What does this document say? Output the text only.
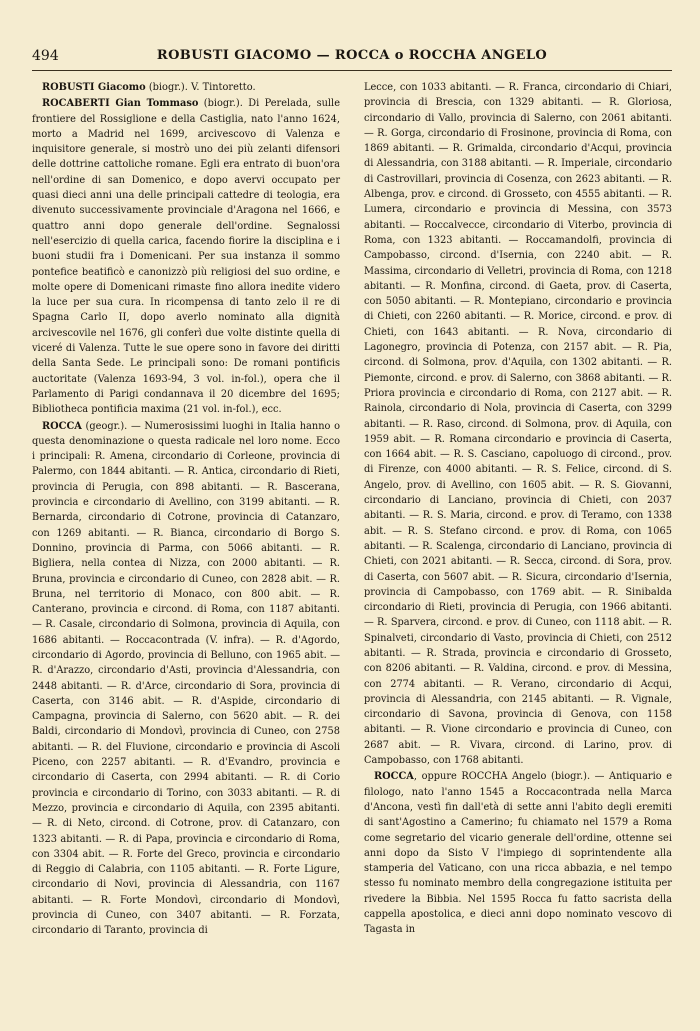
494	ROBUSTI GIACOMO — ROCCA o ROCCHA ANGELO

ROBUSTI Giacomo (biogr.). V. Tintoretto.

ROCABERTI Gian Tommaso (biogr.). Di Perelada, sulle frontiere del Rossiglione e della Castiglia, nato l'anno 1624, morto a Madrid nel 1699, arcivescovo di Valenza e inquisitore generale, si mostrò uno dei più zelanti difensori delle dottrine cattoliche romane. Egli era entrato di buon'ora nell'ordine di san Domenico, e dopo avervi occupato per quasi dieci anni una delle principali cattedre di teologia, era divenuto successivamente provinciale d'Aragona nel 1666, e quattro anni dopo generale dell'ordine. Segnalossi nell'esercizio di quella carica, facendo fiorire la disciplina e i buoni studii fra i Domenicani. Per sua instanza il sommo pontefice beatificò e canonizzò più religiosi del suo ordine, e molte opere di Domenicani rimaste fino allora inedite videro la luce per sua cura. In ricompensa di tanto zelo il re di Spagna Carlo II, dopo averlo nominato alla dignità arcivescovile nel 1676, gli conferì due volte distinte quella di viceré di Valenza. Tutte le sue opere sono in favore dei diritti della Santa Sede. Le principali sono: De romani pontificis auctoritate (Valenza 1693-94, 3 vol. in-fol.), opera che il Parlamento di Parigi condannava il 20 dicembre del 1695; Bibliotheca pontificia maxima (21 vol. in-fol.), ecc.

ROCCA (geogr.). — Numerosissimi luoghi in Italia hanno o questa denominazione o questa radicale nel loro nome. Ecco i principali: R. Amena, circondario di Corleone, provincia di Palermo, con 1844 abitanti. — R. Antica, circondario di Rieti, provincia di Perugia, con 898 abitanti. — R. Bascerana, provincia e circondario di Avellino, con 3199 abitanti. — R. Bernarda, circondario di Cotrone, provincia di Catanzaro, con 1269 abitanti. — R. Bianca, circondario di Borgo S. Donnino, provincia di Parma, con 5066 abitanti. — R. Bigliera, nella contea di Nizza, con 2000 abitanti. — R. Bruna, provincia e circondario di Cuneo, con 2828 abit. — R. Bruna, nel territorio di Monaco, con 800 abit. — R. Canterano, provincia e circond. di Roma, con 1187 abitanti. — R. Casale, circondario di Solmona, provincia di Aquila, con 1686 abitanti. — Roccacontrada (V. infra). — R. d'Agordo, circondario di Agordo, provincia di Belluno, con 1965 abit. — R. d'Arazzo, circondario d'Asti, provincia d'Alessandria, con 2448 abitanti. — R. d'Arce, circondario di Sora, provincia di Caserta, con 3146 abit. — R. d'Aspide, circondario di Campagna, provincia di Salerno, con 5620 abit. — R. dei Baldi, circondario di Mondovì, provincia di Cuneo, con 2758 abitanti. — R. del Fluvione, circondario e provincia di Ascoli Piceno, con 2257 abitanti. — R. d'Evandro, provincia e circondario di Caserta, con 2994 abitanti. — R. di Corio provincia e circondario di Torino, con 3033 abitanti. — R. di Mezzo, provincia e circondario di Aquila, con 2395 abitanti. — R. di Neto, circond. di Cotrone, prov. di Catanzaro, con 1323 abitanti. — R. di Papa, provincia e circondario di Roma, con 3304 abit. — R. Forte del Greco, provincia e circondario di Reggio di Calabria, con 1105 abitanti. — R. Forte Ligure, circondario di Novi, provincia di Alessandria, con 1167 abitanti. — R. Forte Mondovì, circondario di Mondovì, provincia di Cuneo, con 3407 abitanti. — R. Forzata, circondario di Taranto, provincia di

Lecce, con 1033 abitanti. — R. Franca, circondario di Chiari, provincia di Brescia, con 1329 abitanti. — R. Gloriosa, circondario di Vallo, provincia di Salerno, con 2061 abitanti. — R. Gorga, circondario di Frosinone, provincia di Roma, con 1869 abitanti. — R. Grimalda, circondario d'Acqui, provincia di Alessandria, con 3188 abitanti. — R. Imperiale, circondario di Castrovillari, provincia di Cosenza, con 2623 abitanti. — R. Albenga, prov. e circond. di Grosseto, con 4555 abitanti. — R. Lumera, circondario e provincia di Messina, con 3573 abitanti. — Roccalvecce, circondario di Viterbo, provincia di Roma, con 1323 abitanti. — Roccamandolfi, provincia di Campobasso, circond. d'Isernia, con 2240 abit. — R. Massima, circondario di Velletri, provincia di Roma, con 1218 abitanti. — R. Monfina, circond. di Gaeta, prov. di Caserta, con 5050 abitanti. — R. Montepiano, circondario e provincia di Chieti, con 2260 abitanti. — R. Morice, circond. e prov. di Chieti, con 1643 abitanti. — R. Nova, circondario di Lagonegro, provincia di Potenza, con 2157 abit. — R. Pia, circond. di Solmona, prov. d'Aquila, con 1302 abitanti. — R. Piemonte, circond. e prov. di Salerno, con 3868 abitanti. — R. Priora provincia e circondario di Roma, con 2127 abit. — R. Rainola, circondario di Nola, provincia di Caserta, con 3299 abitanti. — R. Raso, circond. di Solmona, prov. di Aquila, con 1959 abit. — R. Romana circondario e provincia di Caserta, con 1664 abit. — R. S. Casciano, capoluogo di circond., prov. di Firenze, con 4000 abitanti. — R. S. Felice, circond. di S. Angelo, prov. di Avellino, con 1605 abit. — R. S. Giovanni, circondario di Lanciano, provincia di Chieti, con 2037 abitanti. — R. S. Maria, circond. e prov. di Teramo, con 1338 abit. — R. S. Stefano circond. e prov. di Roma, con 1065 abitanti. — R. Scalenga, circondario di Lanciano, provincia di Chieti, con 2021 abitanti. — R. Secca, circond. di Sora, prov. di Caserta, con 5607 abit. — R. Sicura, circondario d'Isernia, provincia di Campobasso, con 1769 abit. — R. Sinibalda circondario di Rieti, provincia di Perugia, con 1966 abitanti. — R. Sparvera, circond. e prov. di Cuneo, con 1118 abit. — R. Spinalveti, circondario di Vasto, provincia di Chieti, con 2512 abitanti. — R. Strada, provincia e circondario di Grosseto, con 8206 abitanti. — R. Valdina, circond. e prov. di Messina, con 2774 abitanti. — R. Verano, circondario di Acqui, provincia di Alessandria, con 2145 abitanti. — R. Vignale, circondario di Savona, provincia di Genova, con 1158 abitanti. — R. Vione circondario e provincia di Cuneo, con 2687 abit. — R. Vivara, circond. di Larino, prov. di Campobasso, con 1768 abitanti.

ROCCA, oppure ROCCHA Angelo (biogr.). — Antiquario e filologo, nato l'anno 1545 a Roccacontrada nella Marca d'Ancona, vestì fin dall'età di sette anni l'abito degli eremiti di sant'Agostino a Camerino; fu chiamato nel 1579 a Roma come segretario del vicario generale dell'ordine, ottenne sei anni dopo da Sisto V l'impiego di soprintendente alla stamperia del Vaticano, con una ricca abbazia, e nel tempo stesso fu nominato membro della congregazione istituita per rivedere la Bibbia. Nel 1595 Rocca fu fatto sacrista della cappella apostolica, e dieci anni dopo nominato vescovo di Tagasta in
